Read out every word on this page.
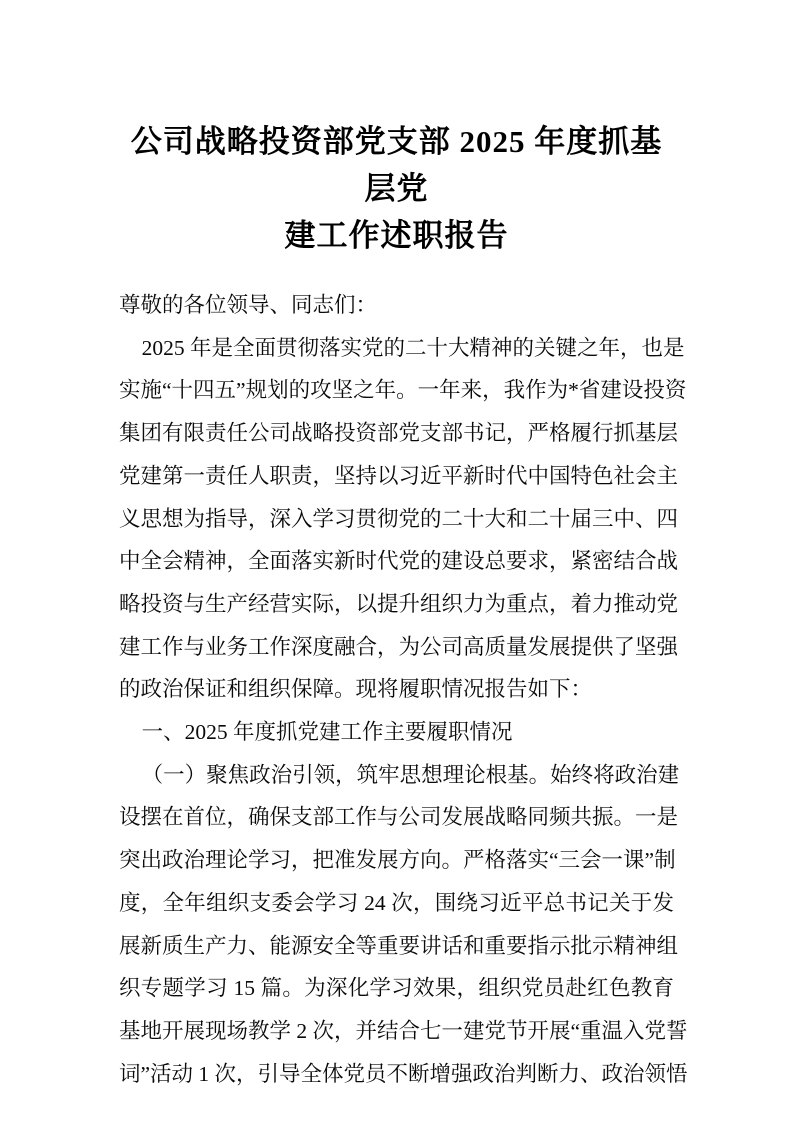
公司战略投资部党支部 2025 年度抓基层党
建工作述职报告
尊敬的各位领导、同志们：
2025 年是全面贯彻落实党的二十大精神的关键之年，也是
实施“十四五”规划的攻坚之年。一年来，我作为*省建设投资
集团有限责任公司战略投资部党支部书记，严格履行抓基层
党建第一责任人职责，坚持以习近平新时代中国特色社会主
义思想为指导，深入学习贯彻党的二十大和二十届三中、四
中全会精神，全面落实新时代党的建设总要求，紧密结合战
略投资与生产经营实际，以提升组织力为重点，着力推动党
建工作与业务工作深度融合，为公司高质量发展提供了坚强
的政治保证和组织保障。现将履职情况报告如下：
一、2025 年度抓党建工作主要履职情况
（一）聚焦政治引领，筑牢思想理论根基。始终将政治建
设摆在首位，确保支部工作与公司发展战略同频共振。一是
突出政治理论学习，把准发展方向。严格落实“三会一课”制
度，全年组织支委会学习 24 次，围绕习近平总书记关于发
展新质生产力、能源安全等重要讲话和重要指示批示精神组
织专题学习 15 篇。为深化学习效果，组织党员赴红色教育
基地开展现场教学 2 次，并结合七一建党节开展“重温入党誓
词”活动 1 次，引导全体党员不断增强政治判断力、政治领悟
